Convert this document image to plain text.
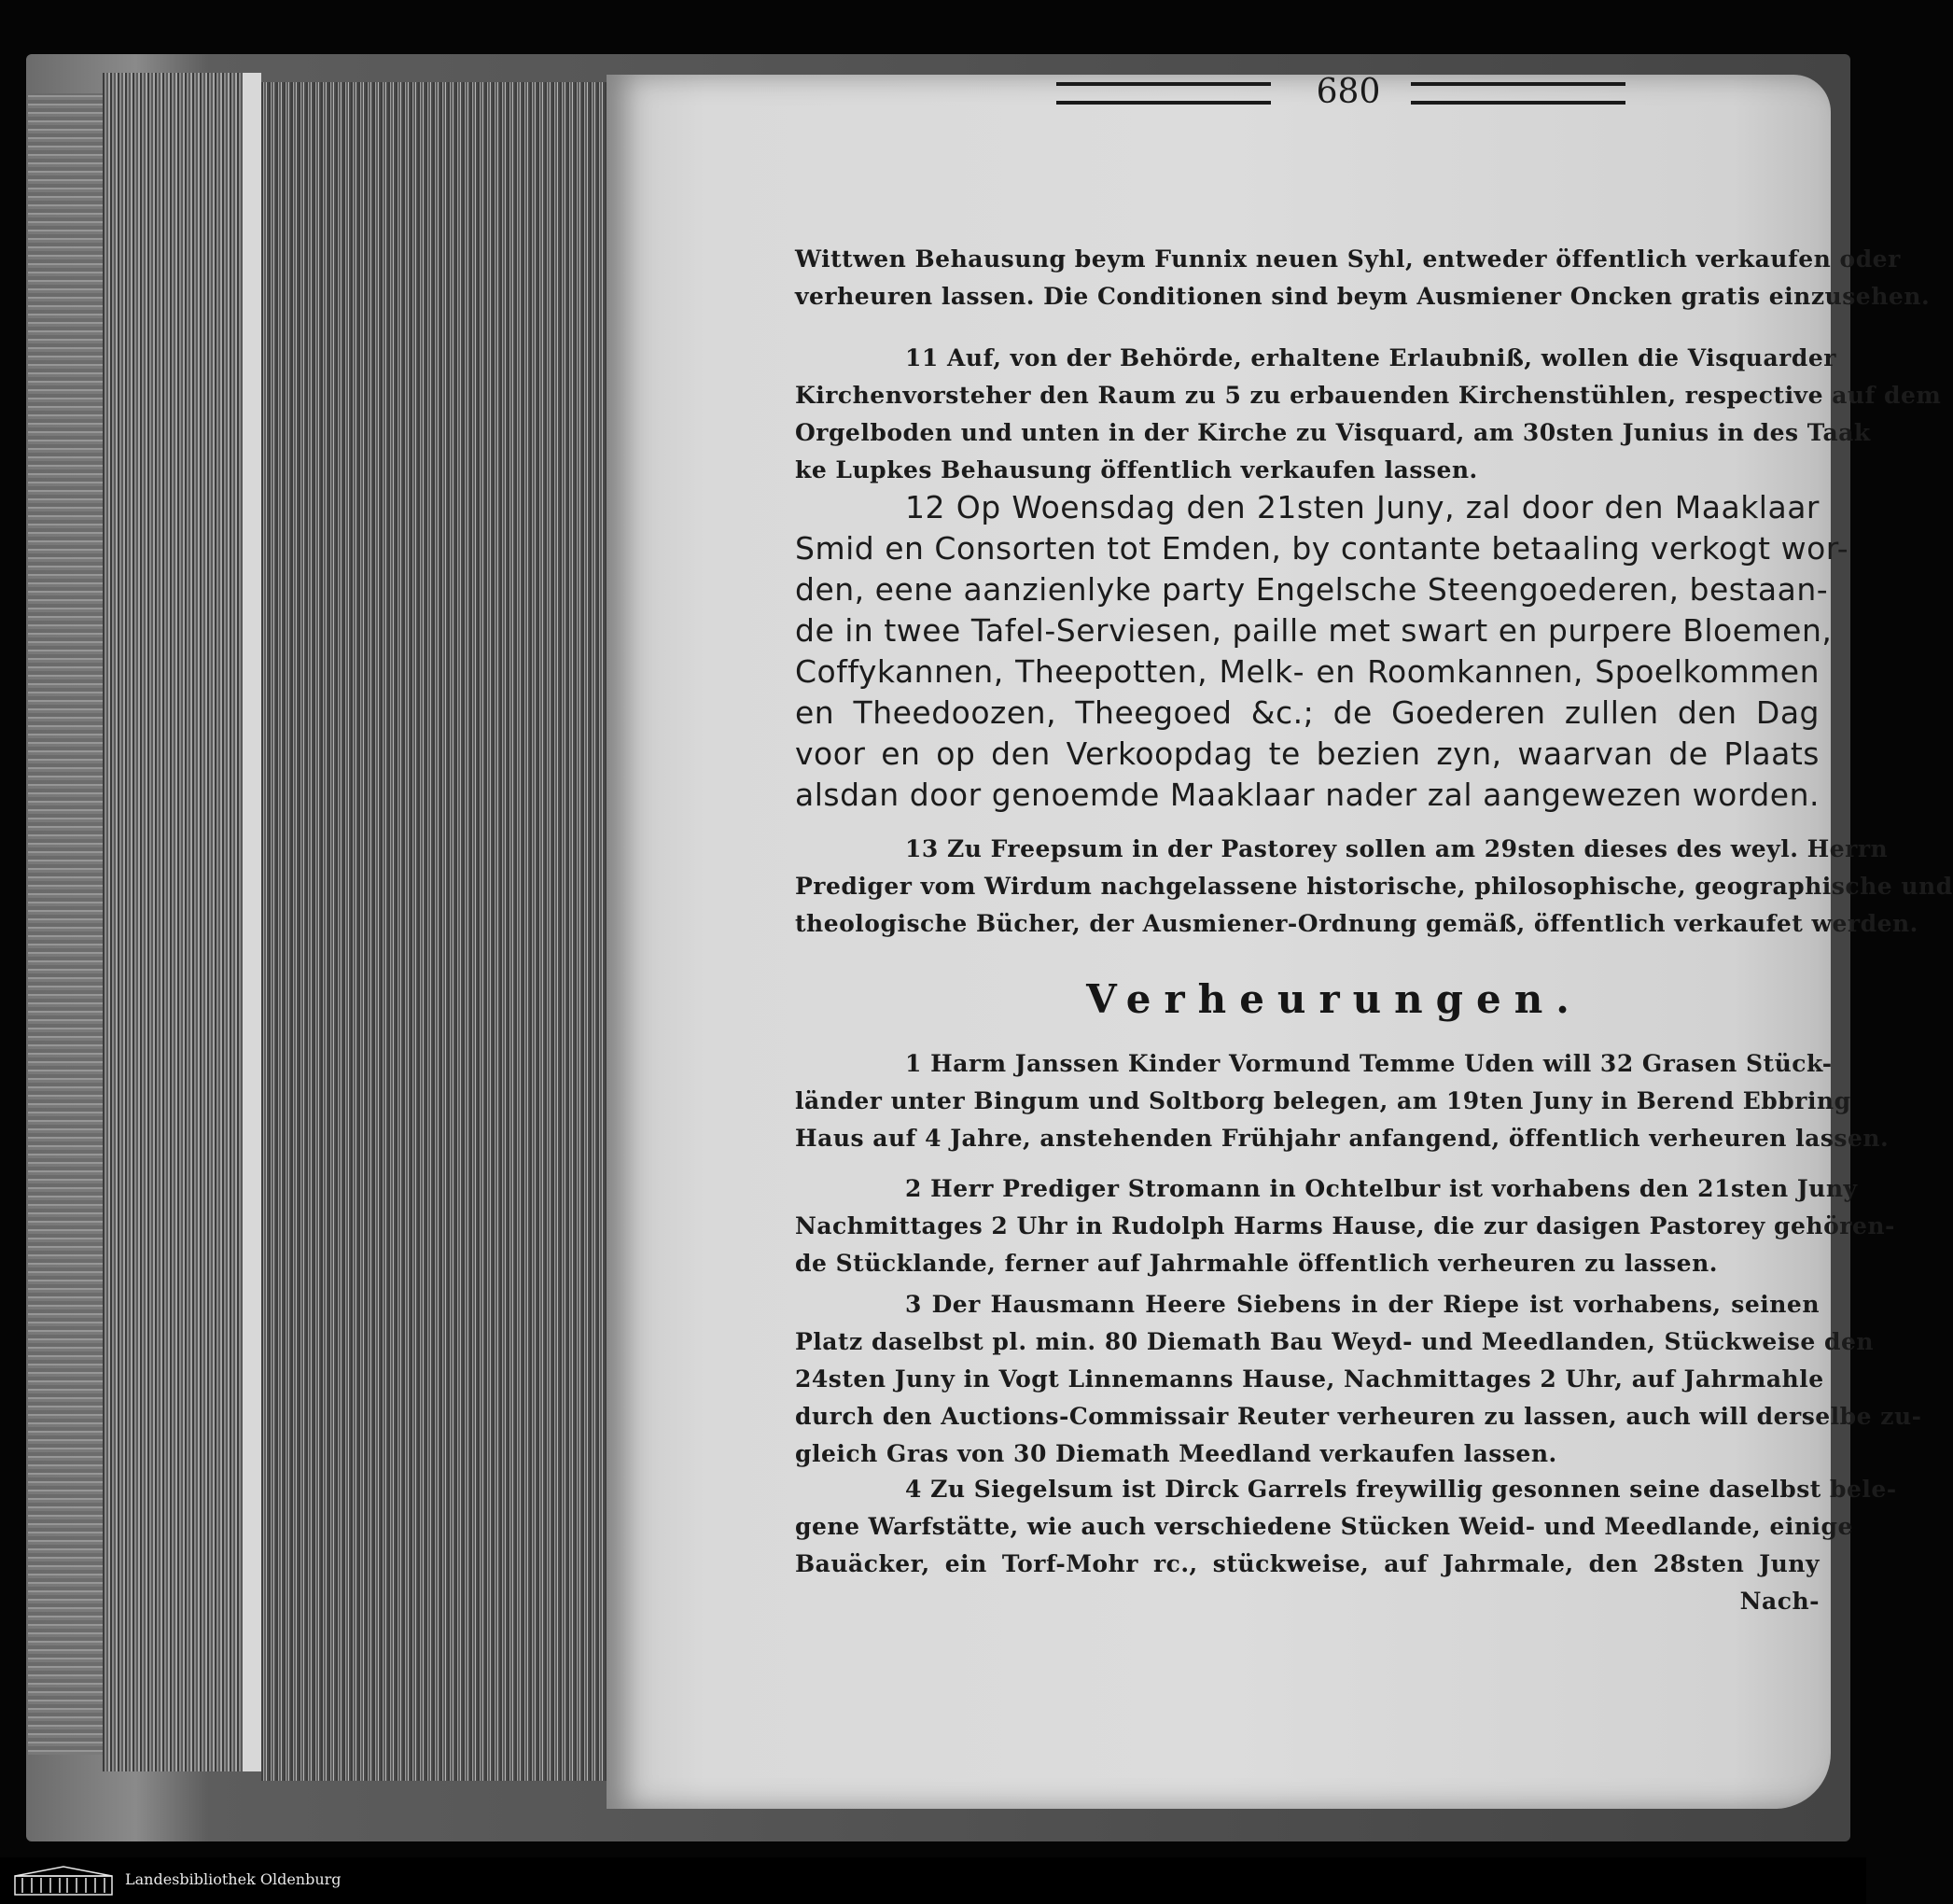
680
Wittwen Behausung beym Funnix neuen Syhl, entweder öffentlich verkaufen oder
verheuren lassen. Die Conditionen sind beym Ausmiener Oncken gratis einzusehen.
11 Auf, von der Behörde, erhaltene Erlaubniß, wollen die Visquarder
Kirchenvorsteher den Raum zu 5 zu erbauenden Kirchenstühlen, respective auf dem
Orgelboden und unten in der Kirche zu Visquard, am 30sten Junius in des Taak
ke Lupkes Behausung öffentlich verkaufen lassen.
12 Op Woensdag den 21sten Juny, zal door den Maaklaar
Smid en Consorten tot Emden, by contante betaaling verkogt wor-
den, eene aanzienlyke party Engelsche Steengoederen, bestaan-
de in twee Tafel-Serviesen, paille met swart en purpere Bloemen,
Coffykannen, Theepotten, Melk- en Roomkannen, Spoelkommen
en Theedoozen, Theegoed &c.; de Goederen zullen den Dag
voor en op den Verkoopdag te bezien zyn, waarvan de Plaats
alsdan door genoemde Maaklaar nader zal aangewezen worden.
13 Zu Freepsum in der Pastorey sollen am 29sten dieses des weyl. Herrn
Prediger vom Wirdum nachgelassene historische, philosophische, geographische und
theologische Bücher, der Ausmiener-Ordnung gemäß, öffentlich verkaufet werden.
Verheurungen.
1 Harm Janssen Kinder Vormund Temme Uden will 32 Grasen Stück-
länder unter Bingum und Soltborg belegen, am 19ten Juny in Berend Ebbring
Haus auf 4 Jahre, anstehenden Frühjahr anfangend, öffentlich verheuren lassen.
2 Herr Prediger Stromann in Ochtelbur ist vorhabens den 21sten Juny
Nachmittages 2 Uhr in Rudolph Harms Hause, die zur dasigen Pastorey gehören-
de Stücklande, ferner auf Jahrmahle öffentlich verheuren zu lassen.
3 Der Hausmann Heere Siebens in der Riepe ist vorhabens, seinen
Platz daselbst pl. min. 80 Diemath Bau Weyd- und Meedlanden, Stückweise den
24sten Juny in Vogt Linnemanns Hause, Nachmittages 2 Uhr, auf Jahrmahle
durch den Auctions-Commissair Reuter verheuren zu lassen, auch will derselbe zu-
gleich Gras von 30 Diemath Meedland verkaufen lassen.
4 Zu Siegelsum ist Dirck Garrels freywillig gesonnen seine daselbst bele-
gene Warfstätte, wie auch verschiedene Stücken Weid- und Meedlande, einige
Bauäcker, ein Torf-Mohr rc., stückweise, auf Jahrmale, den 28sten Juny
Nach-
Landesbibliothek Oldenburg
